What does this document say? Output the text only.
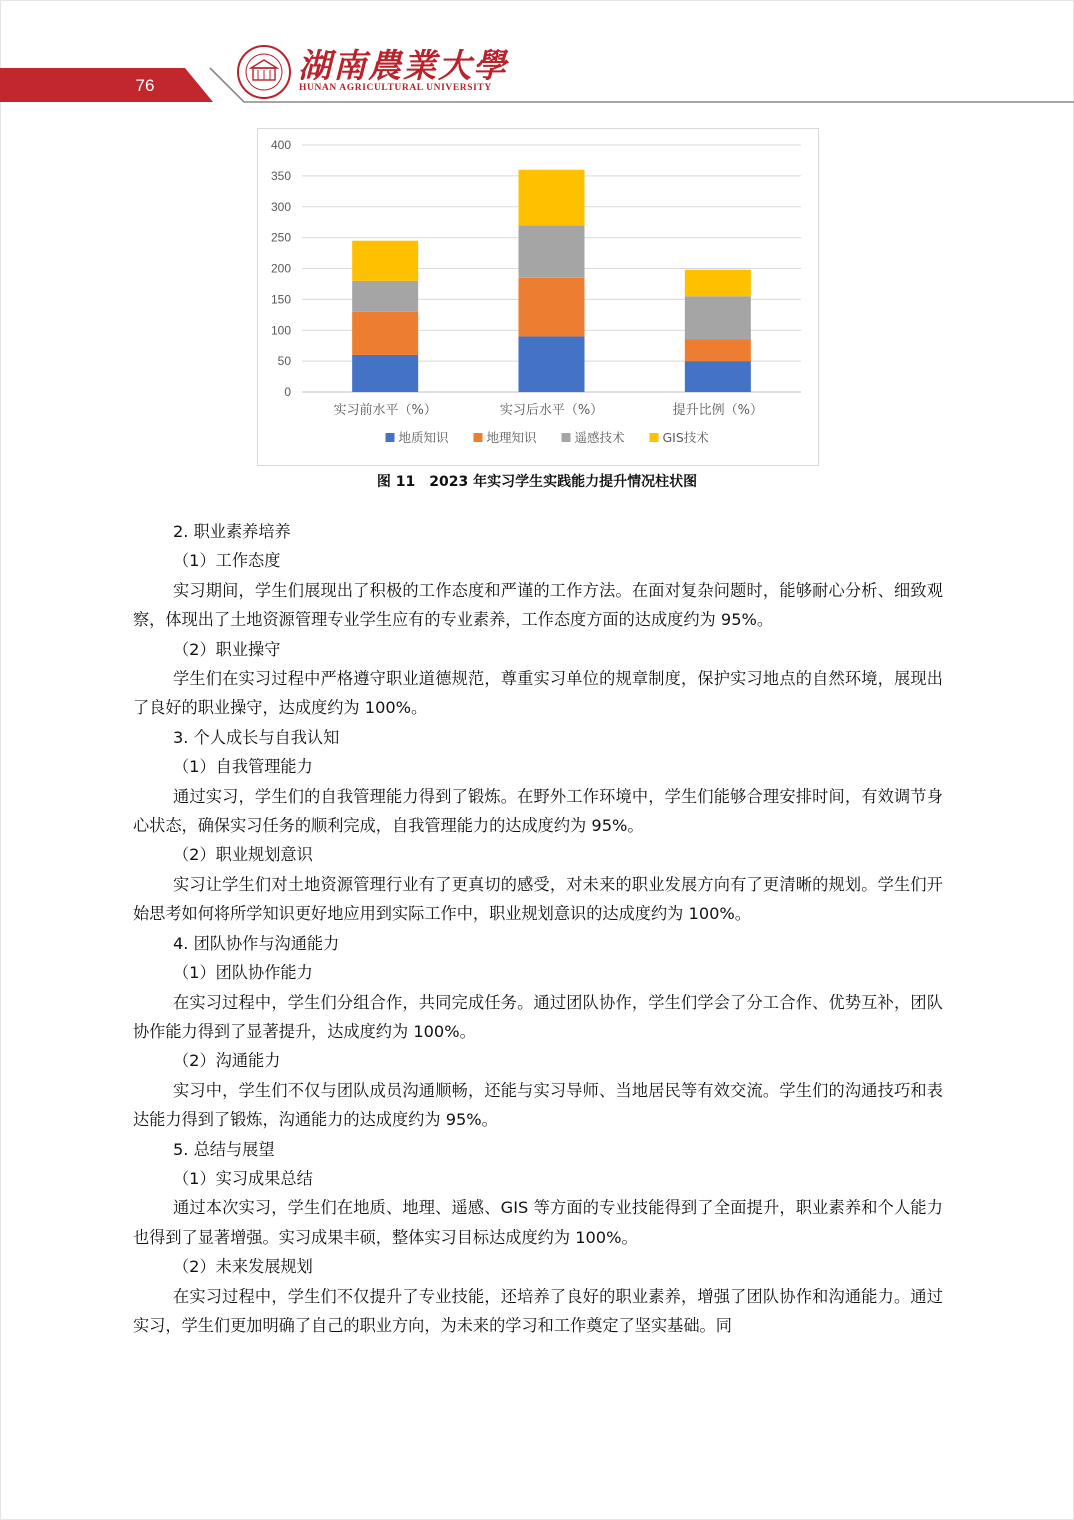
76
湖南農業大學
HUNAN AGRICULTURAL UNIVERSITY
400
350
300
250
200
150
100
50
0
实习前水平（%）	实习后水平（%）	提升比例（%）
地质知识	地理知识	遥感技术	GIS技术
图 11 2023 年实习学生实践能力提升情况柱状图

2. 职业素养培养

（1）工作态度

实习期间，学生们展现出了积极的工作态度和严谨的工作方法。在面对复杂问题时，能够耐心分析、细致观察，体现出了土地资源管理专业学生应有的专业素养，工作态度方面的达成度约为 95%。

（2）职业操守

学生们在实习过程中严格遵守职业道德规范，尊重实习单位的规章制度，保护实习地点的自然环境，展现出了良好的职业操守，达成度约为 100%。

3. 个人成长与自我认知

（1）自我管理能力

通过实习，学生们的自我管理能力得到了锻炼。在野外工作环境中，学生们能够合理安排时间，有效调节身心状态，确保实习任务的顺利完成，自我管理能力的达成度约为 95%。

（2）职业规划意识

实习让学生们对土地资源管理行业有了更真切的感受，对未来的职业发展方向有了更清晰的规划。学生们开始思考如何将所学知识更好地应用到实际工作中，职业规划意识的达成度约为 100%。

4. 团队协作与沟通能力

（1）团队协作能力

在实习过程中，学生们分组合作，共同完成任务。通过团队协作，学生们学会了分工合作、优势互补，团队协作能力得到了显著提升，达成度约为 100%。

（2）沟通能力

实习中，学生们不仅与团队成员沟通顺畅，还能与实习导师、当地居民等有效交流。学生们的沟通技巧和表达能力得到了锻炼，沟通能力的达成度约为 95%。

5. 总结与展望

（1）实习成果总结

通过本次实习，学生们在地质、地理、遥感、GIS 等方面的专业技能得到了全面提升，职业素养和个人能力也得到了显著增强。实习成果丰硕，整体实习目标达成度约为 100%。

（2）未来发展规划

在实习过程中，学生们不仅提升了专业技能，还培养了良好的职业素养，增强了团队协作和沟通能力。通过实习，学生们更加明确了自己的职业方向，为未来的学习和工作奠定了坚实基础。同
